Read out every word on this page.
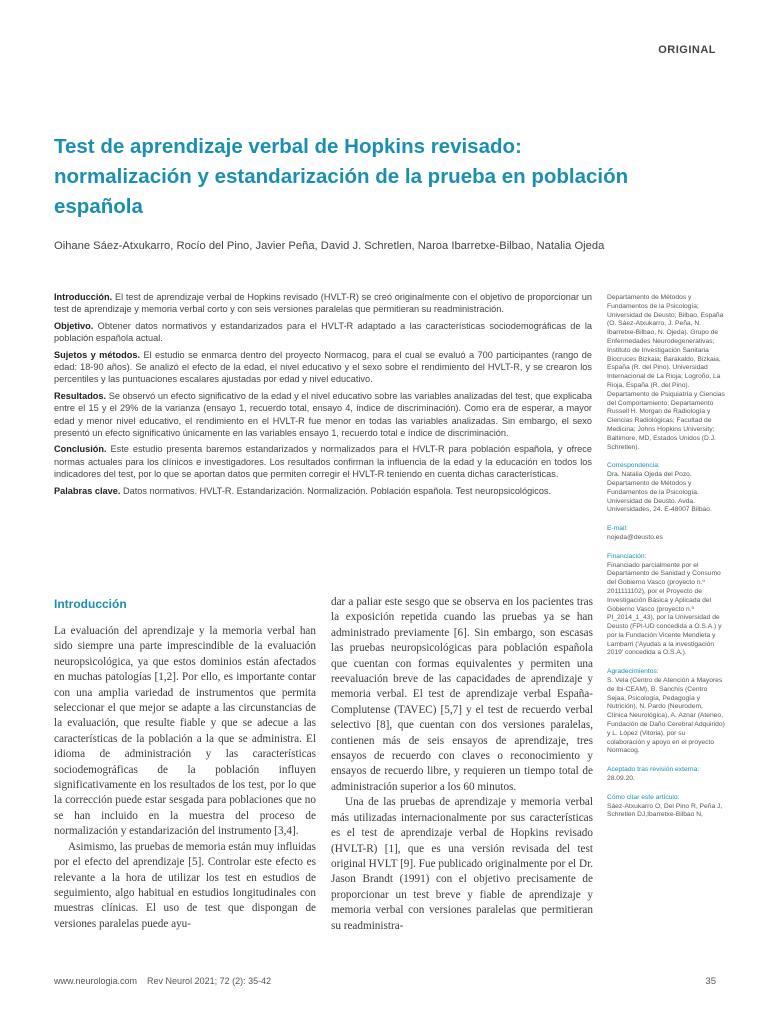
ORIGINAL
Test de aprendizaje verbal de Hopkins revisado:
normalización y estandarización de la prueba en población
española
Oihane Sáez-Atxukarro, Rocío del Pino, Javier Peña, David J. Schretlen, Naroa Ibarretxe-Bilbao, Natalia Ojeda

Introducción. El test de aprendizaje verbal de Hopkins revisado (HVLT-R) se creó originalmente con el objetivo de proporcionar un test de aprendizaje y memoria verbal corto y con seis versiones paralelas que permitieran su readministración.

Objetivo. Obtener datos normativos y estandarizados para el HVLT-R adaptado a las características sociodemográficas de la población española actual.

Sujetos y métodos. El estudio se enmarca dentro del proyecto Normacog, para el cual se evaluó a 700 participantes (rango de edad: 18-90 años). Se analizó el efecto de la edad, el nivel educativo y el sexo sobre el rendimiento del HVLT-R, y se crearon los percentiles y las puntuaciones escalares ajustadas por edad y nivel educativo.

Resultados. Se observó un efecto significativo de la edad y el nivel educativo sobre las variables analizadas del test, que explicaba entre el 15 y el 29% de la varianza (ensayo 1, recuerdo total, ensayo 4, índice de discriminación). Como era de esperar, a mayor edad y menor nivel educativo, el rendimiento en el HVLT-R fue menor en todas las variables analizadas. Sin embargo, el sexo presentó un efecto significativo únicamente en las variables ensayo 1, recuerdo total e índice de discriminación.

Conclusión. Este estudio presenta baremos estandarizados y normalizados para el HVLT-R para población española, y ofrece normas actuales para los clínicos e investigadores. Los resultados confirman la influencia de la edad y la educación en todos los indicadores del test, por lo que se aportan datos que permiten corregir el HVLT-R teniendo en cuenta dichas características.

Palabras clave. Datos normativos. HVLT-R. Estandarización. Normalización. Población española. Test neuropsicológicos.

Departamento de Métodos y Fundamentos de la Psicología; Universidad de Deusto; Bilbao, España (O. Sáez-Atxukarro, J. Peña, N. Ibarretxe-Bilbao, N. Ojeda). Grupo de Enfermedades Neurodegenerativas; Instituto de Investigación Sanitaria Biocruces Bizkaia; Barakaldo, Bizkaia, España (R. del Pino). Universidad Internacional de La Rioja; Logroño, La Rioja, España (R. del Pino). Departamento de Psiquiatría y Ciencias del Comportamiento; Departamento Russell H. Morgan de Radiología y Ciencias Radiológicas; Facultad de Medicina; Johns Hopkins University; Baltimore, MD, Estados Unidos (D.J. Schretlen).
Correspondencia:
Dra. Natalia Ojeda del Pozo. Departamento de Métodos y Fundamentos de la Psicología. Universidad de Deusto. Avda. Universidades, 24. E-48007 Bilbao.
E-mail:
nojeda@deusto.es
Financiación:
Financiado parcialmente por el Departamento de Sanidad y Consumo del Gobierno Vasco (proyecto n.º 2011111102), por el Proyecto de Investigación Básica y Aplicada del Gobierno Vasco (proyecto n.º PI_2014_1_43), por la Universidad de Deusto (FPI-UD concedida a O.S.A.) y por la Fundación Vicente Mendieta y Lambarri ('Ayudas a la investigación 2019' concedida a O.S.A.).
Agradecimientos:
S. Vela (Centro de Atención a Mayores de Ibi-CEAM), B. Sanchís (Centro Sejaa, Psicología, Pedagogía y Nutrición), N. Pardo (Neurodem, Clínica Neurológica), A. Aznar (Ateneo, Fundación de Daño Cerebral Adquirido) y L. López (Vitoria), por su colaboración y apoyo en el proyecto Normacog.
Aceptado tras revisión externa:
28.09.20.
Cómo citar este artículo:
Sáez-Atxukarro O, Del Pino R, Peña J, Schretlen DJ,Ibarretxe-Bilbao N,
Introducción

La evaluación del aprendizaje y la memoria verbal han sido siempre una parte imprescindible de la evaluación neuropsicológica, ya que estos dominios están afectados en muchas patologías [1,2]. Por ello, es importante contar con una amplia variedad de instrumentos que permita seleccionar el que mejor se adapte a las circunstancias de la evaluación, que resulte fiable y que se adecue a las características de la población a la que se administra. El idioma de administración y las características sociodemográficas de la población influyen significativamente en los resultados de los test, por lo que la corrección puede estar sesgada para poblaciones que no se han incluido en la muestra del proceso de normalización y estandarización del instrumento [3,4].

Asimismo, las pruebas de memoria están muy influidas por el efecto del aprendizaje [5]. Controlar este efecto es relevante a la hora de utilizar los test en estudios de seguimiento, algo habitual en estudios longitudinales con muestras clínicas. El uso de test que dispongan de versiones paralelas puede ayu-

dar a paliar este sesgo que se observa en los pacientes tras la exposición repetida cuando las pruebas ya se han administrado previamente [6]. Sin embargo, son escasas las pruebas neuropsicológicas para población española que cuentan con formas equivalentes y permiten una reevaluación breve de las capacidades de aprendizaje y memoria verbal. El test de aprendizaje verbal España-Complutense (TAVEC) [5,7] y el test de recuerdo verbal selectivo [8], que cuentan con dos versiones paralelas, contienen más de seis ensayos de aprendizaje, tres ensayos de recuerdo con claves o reconocimiento y ensayos de recuerdo libre, y requieren un tiempo total de administración superior a los 60 minutos.

Una de las pruebas de aprendizaje y memoria verbal más utilizadas internacionalmente por sus características es el test de aprendizaje verbal de Hopkins revisado (HVLT-R) [1], que es una versión revisada del test original HVLT [9]. Fue publicado originalmente por el Dr. Jason Brandt (1991) con el objetivo precisamente de proporcionar un test breve y fiable de aprendizaje y memoria verbal con versiones paralelas que permitieran su readministra-

www.neurologia.com Rev Neurol 2021; 72 (2): 35-42	35
